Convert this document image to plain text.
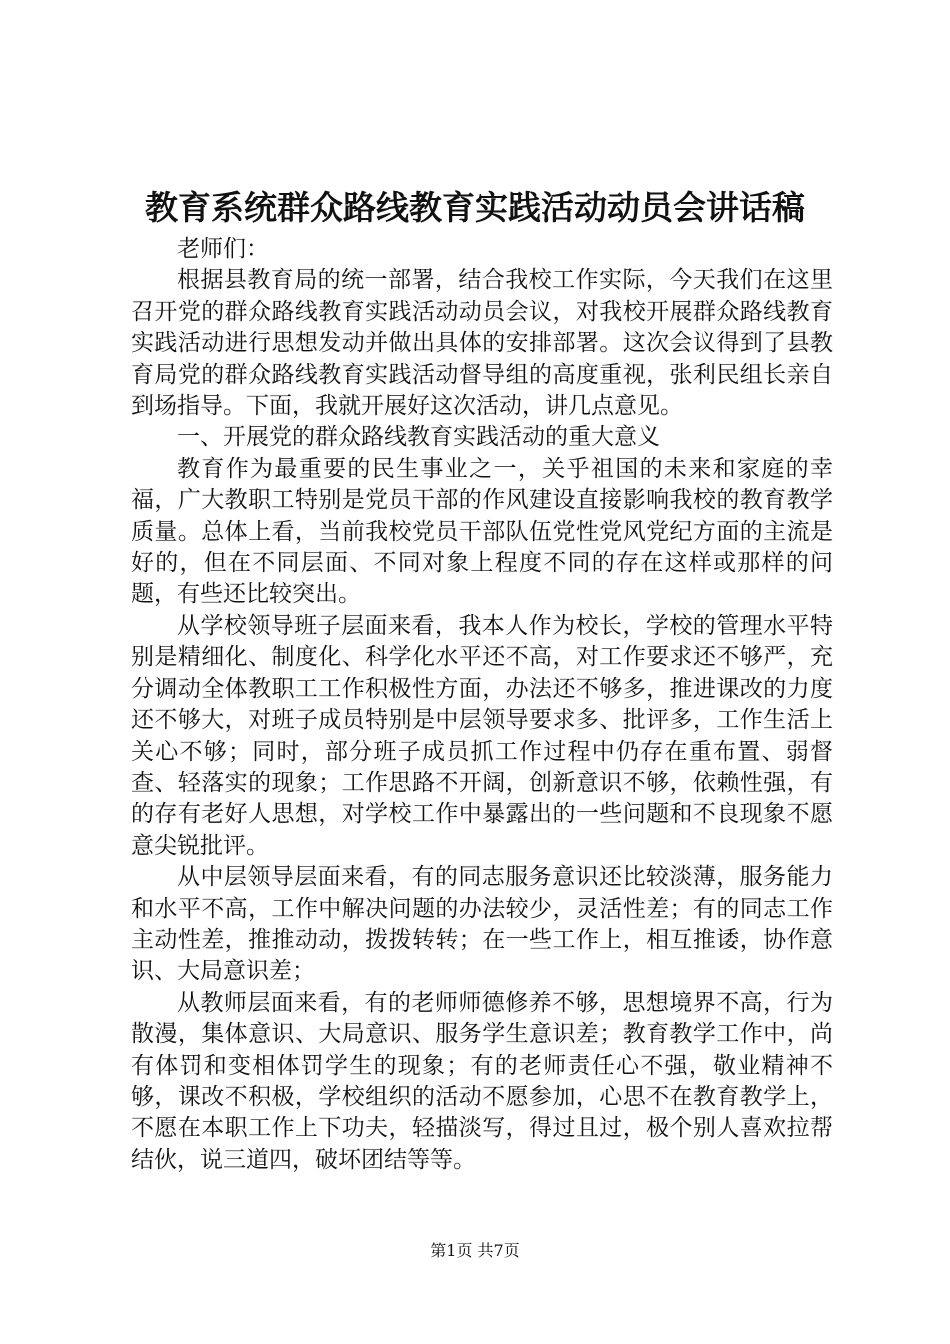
教育系统群众路线教育实践活动动员会讲话稿

老师们：

根据县教育局的统一部署，结合我校工作实际，今天我们在这里召开党的群众路线教育实践活动动员会议，对我校开展群众路线教育实践活动进行思想发动并做出具体的安排部署。这次会议得到了县教育局党的群众路线教育实践活动督导组的高度重视，张利民组长亲自到场指导。下面，我就开展好这次活动，讲几点意见。

一、开展党的群众路线教育实践活动的重大意义

教育作为最重要的民生事业之一，关乎祖国的未来和家庭的幸福，广大教职工特别是党员干部的作风建设直接影响我校的教育教学质量。总体上看，当前我校党员干部队伍党性党风党纪方面的主流是好的，但在不同层面、不同对象上程度不同的存在这样或那样的问题，有些还比较突出。

从学校领导班子层面来看，我本人作为校长，学校的管理水平特别是精细化、制度化、科学化水平还不高，对工作要求还不够严，充分调动全体教职工工作积极性方面，办法还不够多，推进课改的力度还不够大，对班子成员特别是中层领导要求多、批评多，工作生活上关心不够；同时，部分班子成员抓工作过程中仍存在重布置、弱督查、轻落实的现象；工作思路不开阔，创新意识不够，依赖性强，有的存有老好人思想，对学校工作中暴露出的一些问题和不良现象不愿意尖锐批评。

从中层领导层面来看，有的同志服务意识还比较淡薄，服务能力和水平不高，工作中解决问题的办法较少，灵活性差；有的同志工作主动性差，推推动动，拨拨转转；在一些工作上，相互推诿，协作意识、大局意识差；

从教师层面来看，有的老师师德修养不够，思想境界不高，行为散漫，集体意识、大局意识、服务学生意识差；教育教学工作中，尚有体罚和变相体罚学生的现象；有的老师责任心不强，敬业精神不够，课改不积极，学校组织的活动不愿参加，心思不在教育教学上，不愿在本职工作上下功夫，轻描淡写，得过且过，极个别人喜欢拉帮结伙，说三道四，破坏团结等等。

第1页 共7页
